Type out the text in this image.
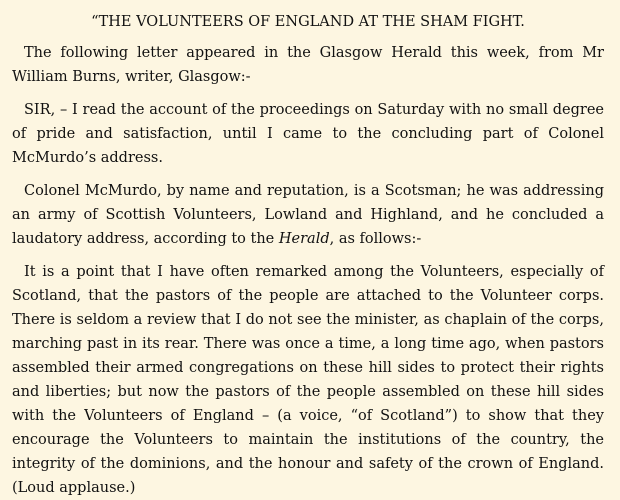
“THE VOLUNTEERS OF ENGLAND AT THE SHAM FIGHT.

The following letter appeared in the Glasgow Herald this week, from Mr William Burns, writer, Glasgow:-

SIR, – I read the account of the proceedings on Saturday with no small degree of pride and satisfaction, until I came to the concluding part of Colonel McMurdo’s address.

Colonel McMurdo, by name and reputation, is a Scotsman; he was addressing an army of Scottish Volunteers, Lowland and Highland, and he concluded a laudatory address, according to the Herald, as follows:-

It is a point that I have often remarked among the Volunteers, especially of Scotland, that the pastors of the people are attached to the Volunteer corps. There is seldom a review that I do not see the minister, as chaplain of the corps, marching past in its rear. There was once a time, a long time ago, when pastors assembled their armed congregations on these hill sides to protect their rights and liberties; but now the pastors of the people assembled on these hill sides with the Volunteers of England – (a voice, “of Scotland”) to show that they encourage the Volunteers to maintain the institutions of the country, the integrity of the dominions, and the honour and safety of the crown of England. (Loud applause.)
